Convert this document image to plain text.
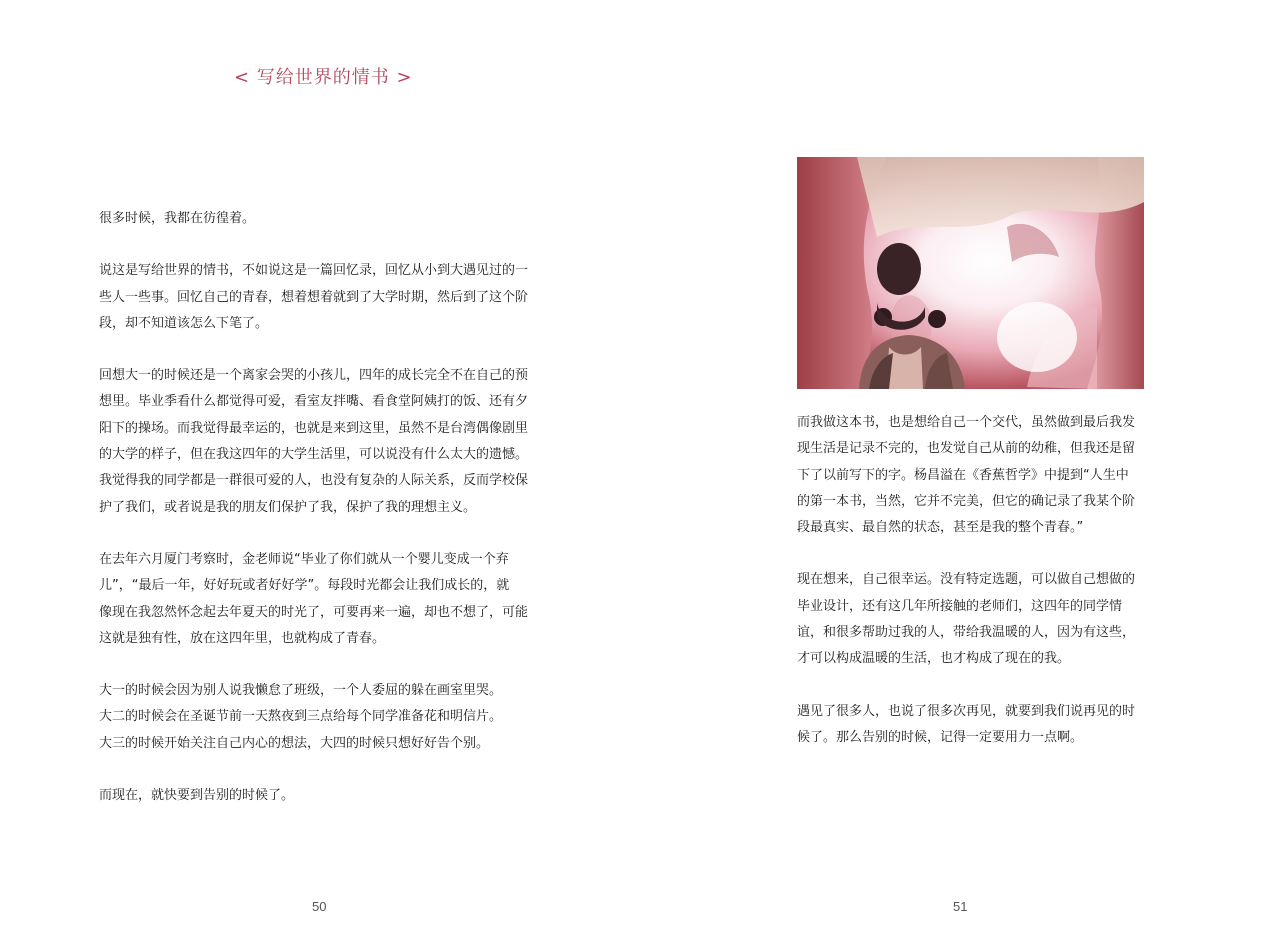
< 写给世界的情书 >
很多时候，我都在彷徨着。
说这是写给世界的情书，不如说这是一篇回忆录，回忆从小到大遇见过的一
些人一些事。回忆自己的青春，想着想着就到了大学时期，然后到了这个阶
段，却不知道该怎么下笔了。
回想大一的时候还是一个离家会哭的小孩儿，四年的成长完全不在自己的预
想里。毕业季看什么都觉得可爱，看室友拌嘴、看食堂阿姨打的饭、还有夕
阳下的操场。而我觉得最幸运的，也就是来到这里，虽然不是台湾偶像剧里
的大学的样子，但在我这四年的大学生活里，可以说没有什么太大的遗憾。
我觉得我的同学都是一群很可爱的人，也没有复杂的人际关系，反而学校保
护了我们，或者说是我的朋友们保护了我，保护了我的理想主义。
在去年六月厦门考察时，金老师说“毕业了你们就从一个婴儿变成一个弃
儿”，“最后一年，好好玩或者好好学”。每段时光都会让我们成长的，就
像现在我忽然怀念起去年夏天的时光了，可要再来一遍，却也不想了，可能
这就是独有性，放在这四年里，也就构成了青春。
大一的时候会因为别人说我懒怠了班级，一个人委屈的躲在画室里哭。
大二的时候会在圣诞节前一天熬夜到三点给每个同学准备花和明信片。
大三的时候开始关注自己内心的想法，大四的时候只想好好告个别。
而现在，就快要到告别的时候了。
50
而我做这本书，也是想给自己一个交代，虽然做到最后我发
现生活是记录不完的，也发觉自己从前的幼稚，但我还是留
下了以前写下的字。杨昌溢在《香蕉哲学》中提到“人生中
的第一本书，当然，它并不完美，但它的确记录了我某个阶
段最真实、最自然的状态，甚至是我的整个青春。”
现在想来，自己很幸运。没有特定选题，可以做自己想做的
毕业设计，还有这几年所接触的老师们，这四年的同学情
谊，和很多帮助过我的人，带给我温暖的人，因为有这些，
才可以构成温暖的生活，也才构成了现在的我。
遇见了很多人，也说了很多次再见，就要到我们说再见的时
候了。那么告别的时候，记得一定要用力一点啊。
51
